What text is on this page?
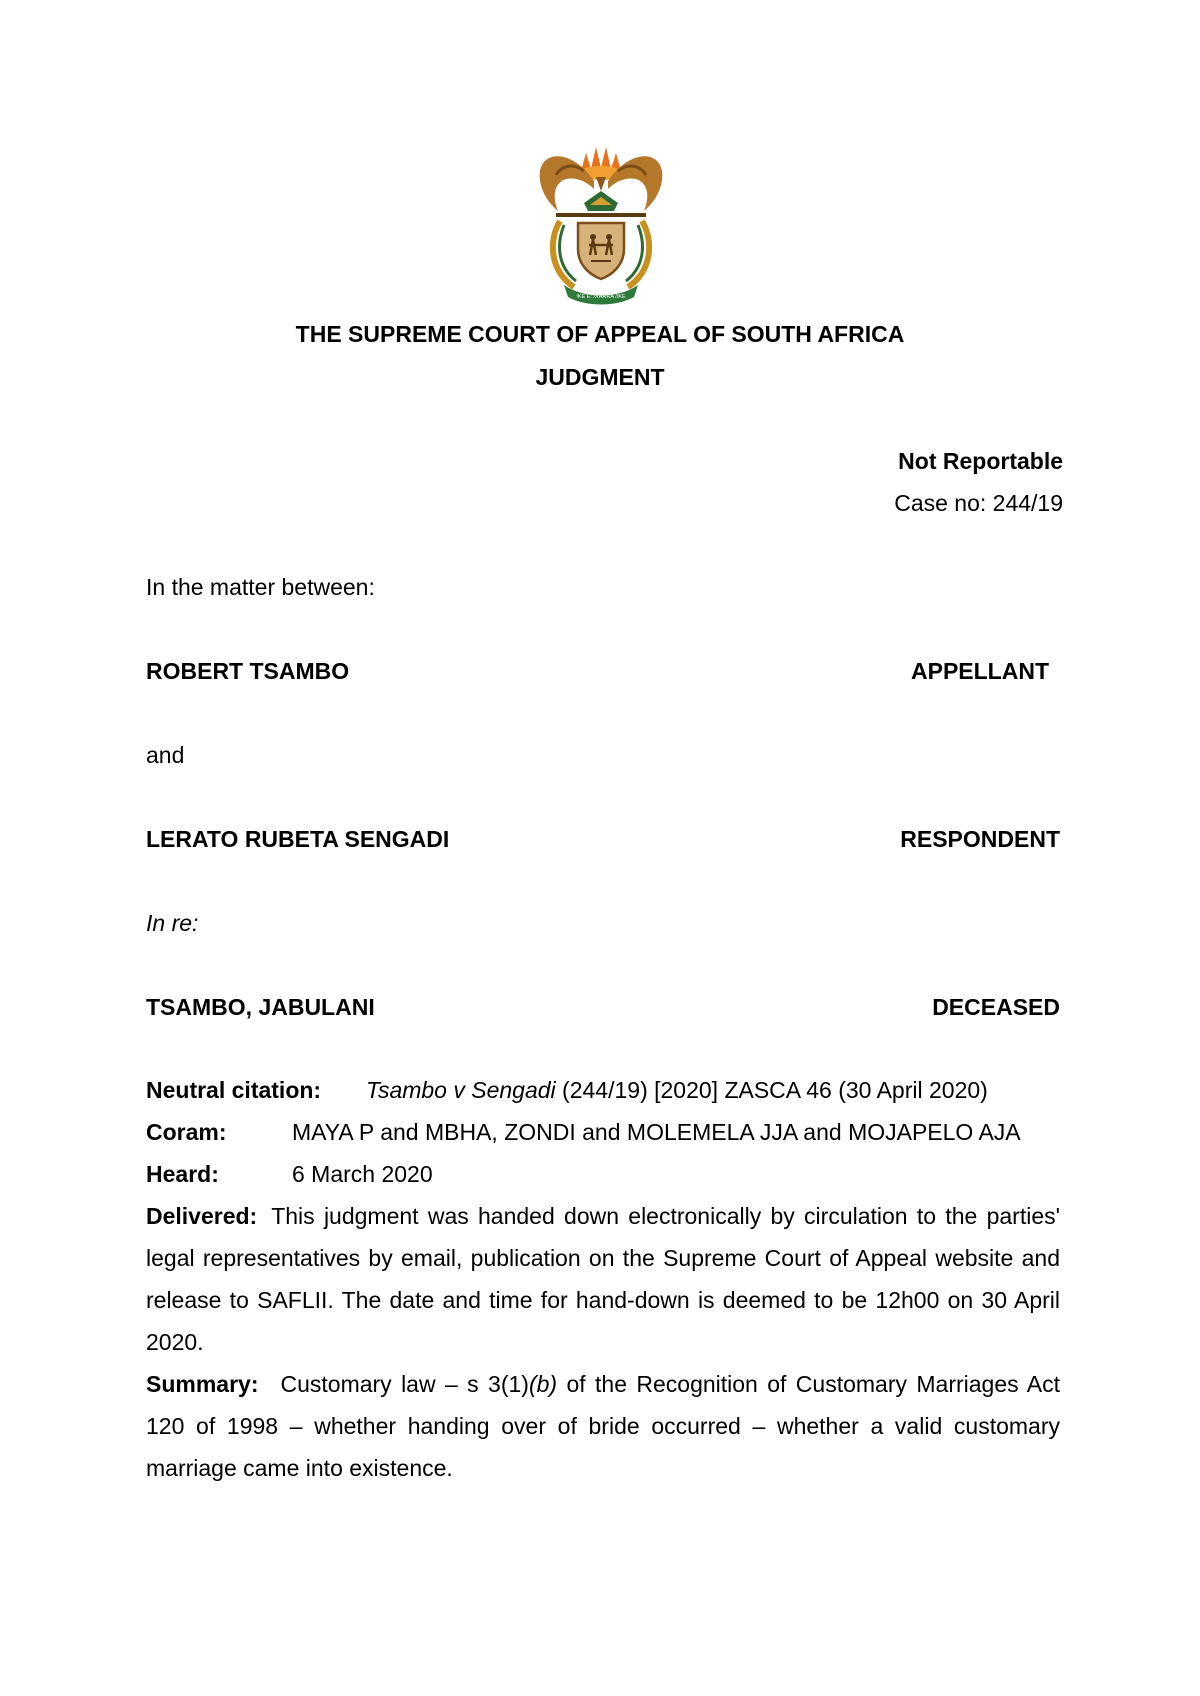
!KE E: /XARRA //KE
THE SUPREME COURT OF APPEAL OF SOUTH AFRICA
JUDGMENT
Not Reportable
Case no: 244/19
In the matter between:
ROBERT TSAMBO	APPELLANT
and
LERATO RUBETA SENGADI	RESPONDENT
In re:
TSAMBO, JABULANI	DECEASED
Neutral citation: Tsambo v Sengadi (244/19) [2020] ZASCA 46 (30 April 2020)
Coram:	MAYA P and MBHA, ZONDI and MOLEMELA JJA and MOJAPELO AJA
Heard:	6 March 2020
Delivered: This judgment was handed down electronically by circulation to the parties' legal representatives by email, publication on the Supreme Court of Appeal website and release to SAFLII. The date and time for hand-down is deemed to be 12h00 on 30 April 2020.
Summary: Customary law – s 3(1)(b) of the Recognition of Customary Marriages Act 120 of 1998 – whether handing over of bride occurred – whether a valid customary marriage came into existence.
